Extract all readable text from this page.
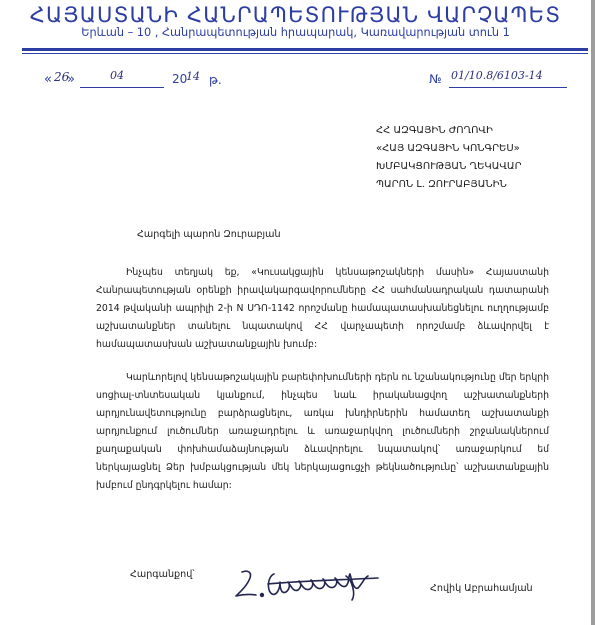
ՀԱՅԱՍՏԱՆԻ ՀԱՆՐԱՊԵՏՈՒԹՅԱՆ ՎԱՐՉԱՊԵՏ
Երևան – 10 , Հանրապետության հրապարակ, Կառավարության տուն 1
« 26
»	04	20
14 թ.	№ 01/10.8/6103-14
ՀՀ ԱԶԳԱՅԻՆ ԺՈՂՈՎԻ
«ՀԱՅ ԱԶԳԱՅԻՆ ԿՈՆԳՐԵՍ»
ԽՄԲԱԿՑՈՒԹՅԱՆ ՂԵԿԱՎԱՐ
ՊԱՐՈՆ Լ. ԶՈՒՐԱԲՅԱՆԻՆ
Հարգելի պարոն Զուրաբյան
Ինչպես տեղյակ եք, «Կուսակցային կենսաթոշակների մասին» Հայաստանի Հանրապետության օրենքի իրավակարգավորումները ՀՀ սահմանադրական դատարանի 2014 թվականի ապրիլի 2-ի N ՍԴՈ-1142 որոշմանը համապատասխանեցնելու ուղղությամբ աշխատանքներ տանելու նպատակով ՀՀ վարչապետի որոշմամբ ձևավորվել է համապատասխան աշխատանքային խումբ:
Կարևորելով կենսաթոշակային բարեփոխումների դերն ու նշանակությունը մեր երկրի սոցիալ-տնտեսական կյանքում, ինչպես նաև իրականացվող աշխատանքների արդյունավետությունը բարձրացնելու, առկա խնդիրներին համատեղ աշխատանքի արդյունքում լուծումներ առաջադրելու և առաջարկվող լուծումների շրջանակներում քաղաքական փոխհամաձայնության ձևավորելու նպատակով՝ առաջարկում եմ ներկայացնել Ձեր խմբակցության մեկ ներկայացուցչի թեկնածությունը՝ աշխատանքային խմբում ընդգրկելու համար:
Հարգանքով՝
Հովիկ Աբրահամյան
